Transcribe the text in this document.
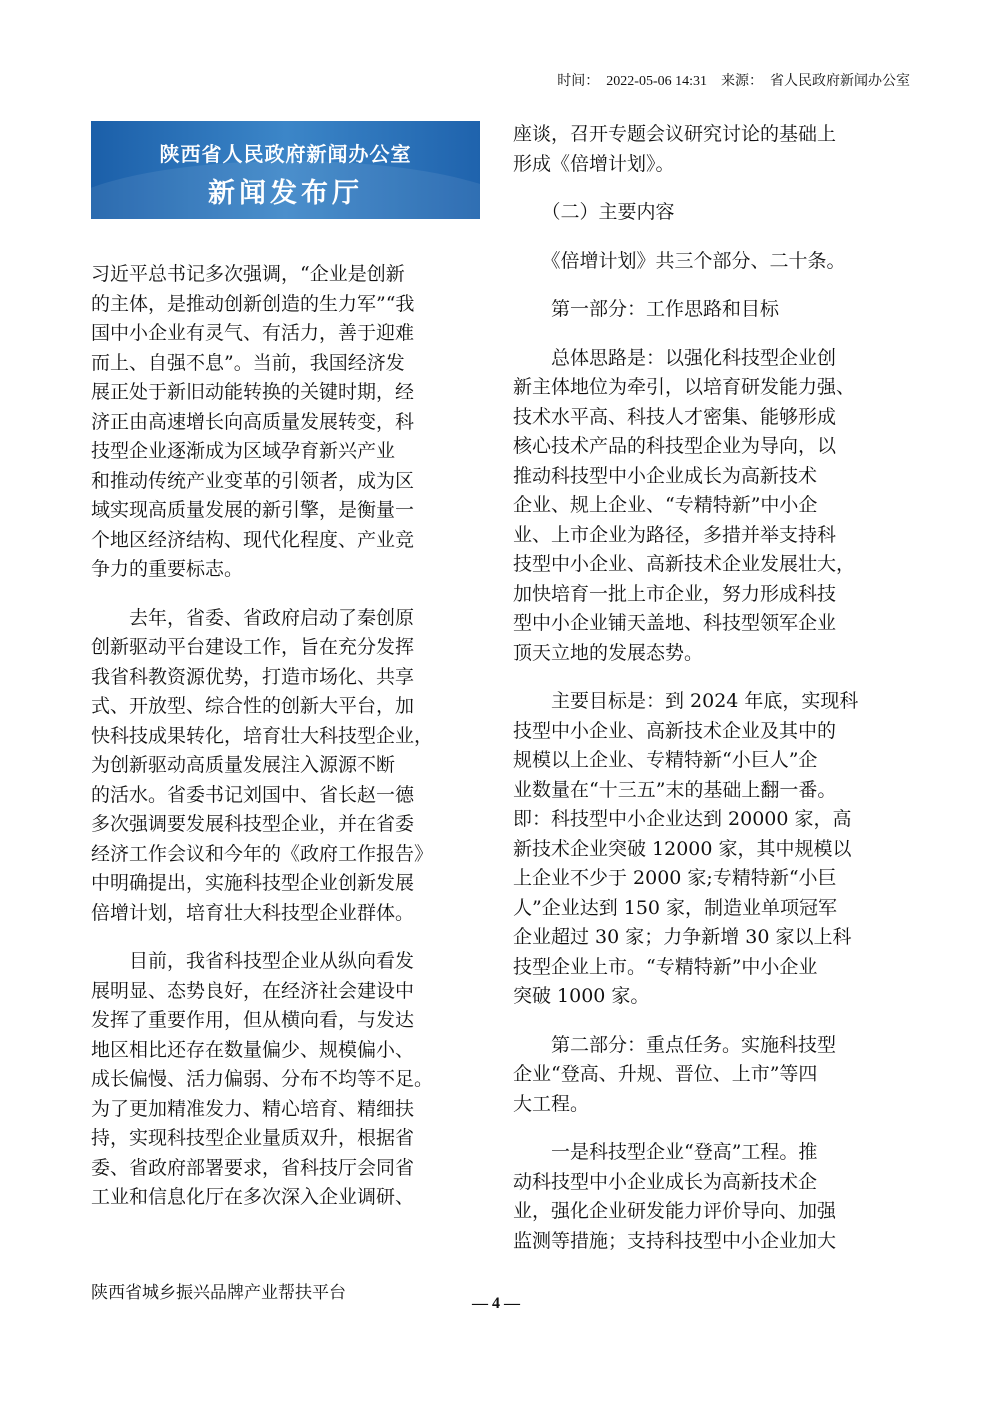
时间：  2022-05-06 14:31    来源：  省人民政府新闻办公室
陕西省人民政府新闻办公室
新闻发布厅

习近平总书记多次强调，“企业是创新
的主体，是推动创新创造的生力军”“我
国中小企业有灵气、有活力，善于迎难
而上、自强不息”。当前，我国经济发
展正处于新旧动能转换的关键时期，经
济正由高速增长向高质量发展转变，科
技型企业逐渐成为区域孕育新兴产业
和推动传统产业变革的引领者，成为区
域实现高质量发展的新引擎，是衡量一
个地区经济结构、现代化程度、产业竞
争力的重要标志。

　　去年，省委、省政府启动了秦创原
创新驱动平台建设工作，旨在充分发挥
我省科教资源优势，打造市场化、共享
式、开放型、综合性的创新大平台，加
快科技成果转化，培育壮大科技型企业，
为创新驱动高质量发展注入源源不断
的活水。省委书记刘国中、省长赵一德
多次强调要发展科技型企业，并在省委
经济工作会议和今年的《政府工作报告》
中明确提出，实施科技型企业创新发展
倍增计划，培育壮大科技型企业群体。

　　目前，我省科技型企业从纵向看发
展明显、态势良好，在经济社会建设中
发挥了重要作用，但从横向看，与发达
地区相比还存在数量偏少、规模偏小、
成长偏慢、活力偏弱、分布不均等不足。
为了更加精准发力、精心培育、精细扶
持，实现科技型企业量质双升，根据省
委、省政府部署要求，省科技厅会同省
工业和信息化厅在多次深入企业调研、

座谈，召开专题会议研究讨论的基础上
形成《倍增计划》。

　　（二）主要内容

　　《倍增计划》共三个部分、二十条。

　　第一部分：工作思路和目标

　　总体思路是：以强化科技型企业创
新主体地位为牵引，以培育研发能力强、
技术水平高、科技人才密集、能够形成
核心技术产品的科技型企业为导向，以
推动科技型中小企业成长为高新技术
企业、规上企业、“专精特新”中小企
业、上市企业为路径，多措并举支持科
技型中小企业、高新技术企业发展壮大，
加快培育一批上市企业，努力形成科技
型中小企业铺天盖地、科技型领军企业
顶天立地的发展态势。

　　主要目标是：到 2024 年底，实现科
技型中小企业、高新技术企业及其中的
规模以上企业、专精特新“小巨人”企
业数量在“十三五”末的基础上翻一番。
即：科技型中小企业达到 20000 家，高
新技术企业突破 12000 家，其中规模以
上企业不少于 2000 家;专精特新“小巨
人”企业达到 150 家，制造业单项冠军
企业超过 30 家；力争新增 30 家以上科
技型企业上市。“专精特新”中小企业
突破 1000 家。

　　第二部分：重点任务。实施科技型
企业“登高、升规、晋位、上市”等四
大工程。

　　一是科技型企业“登高”工程。推
动科技型中小企业成长为高新技术企
业，强化企业研发能力评价导向、加强
监测等措施；支持科技型中小企业加大

陕西省城乡振兴品牌产业帮扶平台
— 4 —
